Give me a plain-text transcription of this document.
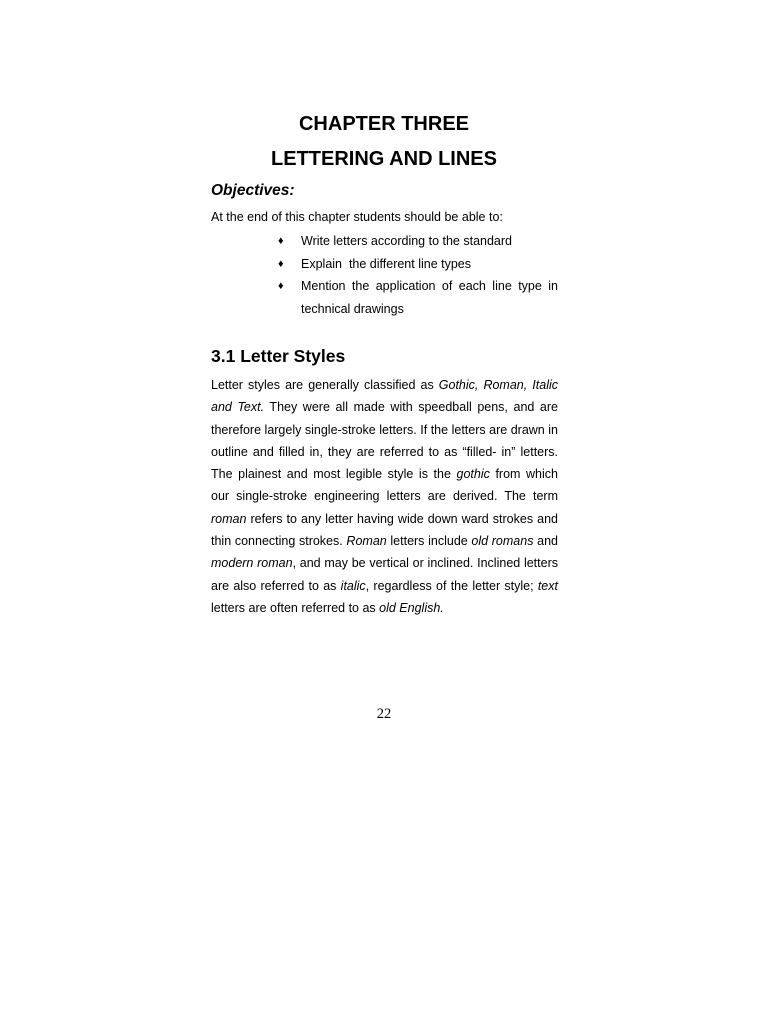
CHAPTER THREE
LETTERING AND LINES
Objectives:
At the end of this chapter students should be able to:
♦ Write letters according to the standard
♦ Explain  the different line types
♦ Mention the application of each line type in technical drawings
3.1 Letter Styles

Letter styles are generally classified as Gothic, Roman, Italic and Text. They were all made with speedball pens, and are therefore largely single-stroke letters. If the letters are drawn in outline and filled in, they are referred to as “filled- in” letters. The plainest and most legible style is the gothic from which our single-stroke engineering letters are derived. The term roman refers to any letter having wide down ward strokes and thin connecting strokes. Roman letters include old romans and modern roman, and may be vertical or inclined. Inclined letters are also referred to as italic, regardless of the letter style; text letters are often referred to as old English.

22
